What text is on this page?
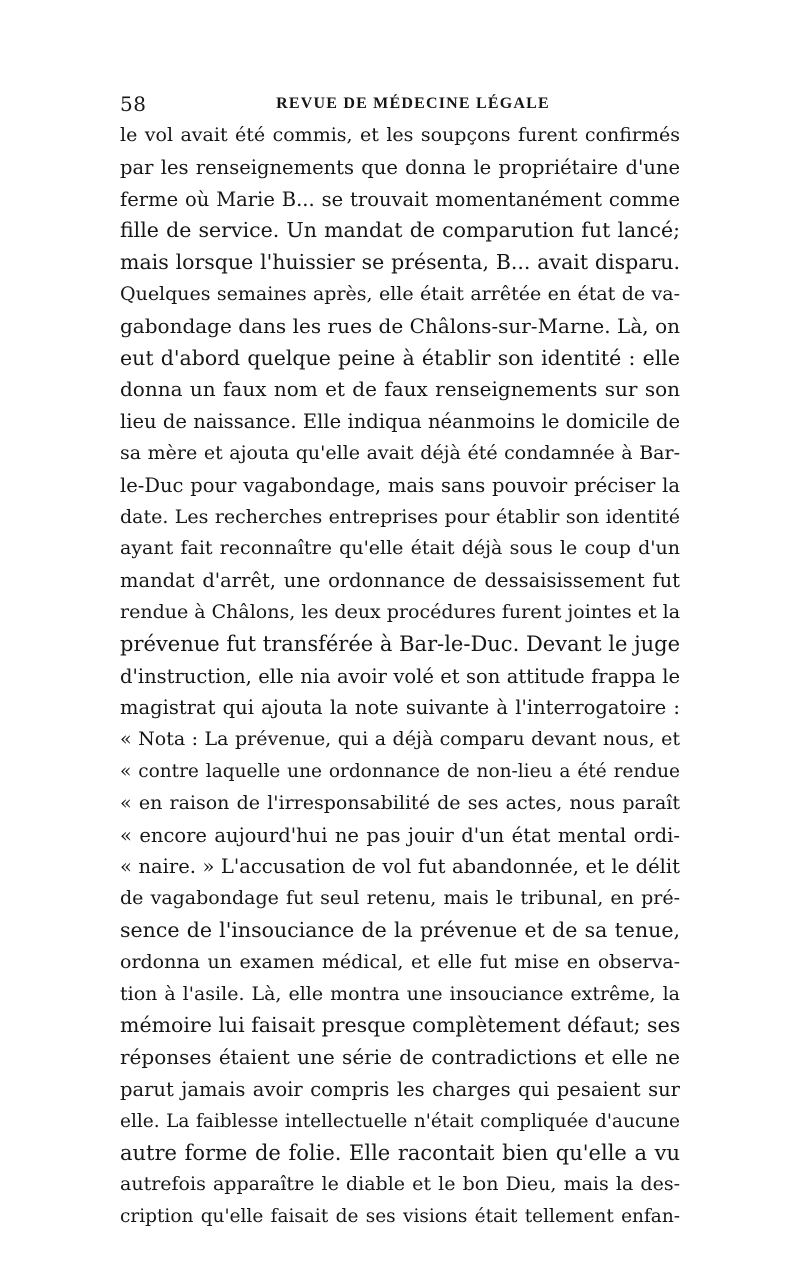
58	REVUE DE MÉDECINE LÉGALE
le vol avait été commis, et les soupçons furent confirmés
par les renseignements que donna le propriétaire d'une
ferme où Marie B... se trouvait momentanément comme
fille de service. Un mandat de comparution fut lancé;
mais lorsque l'huissier se présenta, B... avait disparu.
Quelques semaines après, elle était arrêtée en état de va-
gabondage dans les rues de Châlons-sur-Marne. Là, on
eut d'abord quelque peine à établir son identité : elle
donna un faux nom et de faux renseignements sur son
lieu de naissance. Elle indiqua néanmoins le domicile de
sa mère et ajouta qu'elle avait déjà été condamnée à Bar-
le-Duc pour vagabondage, mais sans pouvoir préciser la
date. Les recherches entreprises pour établir son identité
ayant fait reconnaître qu'elle était déjà sous le coup d'un
mandat d'arrêt, une ordonnance de dessaisissement fut
rendue à Châlons, les deux procédures furent jointes et la
prévenue fut transférée à Bar-le-Duc. Devant le juge
d'instruction, elle nia avoir volé et son attitude frappa le
magistrat qui ajouta la note suivante à l'interrogatoire :
« Nota : La prévenue, qui a déjà comparu devant nous, et
« contre laquelle une ordonnance de non-lieu a été rendue
« en raison de l'irresponsabilité de ses actes, nous paraît
« encore aujourd'hui ne pas jouir d'un état mental ordi-
« naire. » L'accusation de vol fut abandonnée, et le délit
de vagabondage fut seul retenu, mais le tribunal, en pré-
sence de l'insouciance de la prévenue et de sa tenue,
ordonna un examen médical, et elle fut mise en observa-
tion à l'asile. Là, elle montra une insouciance extrême, la
mémoire lui faisait presque complètement défaut; ses
réponses étaient une série de contradictions et elle ne
parut jamais avoir compris les charges qui pesaient sur
elle. La faiblesse intellectuelle n'était compliquée d'aucune
autre forme de folie. Elle racontait bien qu'elle a vu
autrefois apparaître le diable et le bon Dieu, mais la des-
cription qu'elle faisait de ses visions était tellement enfan-
